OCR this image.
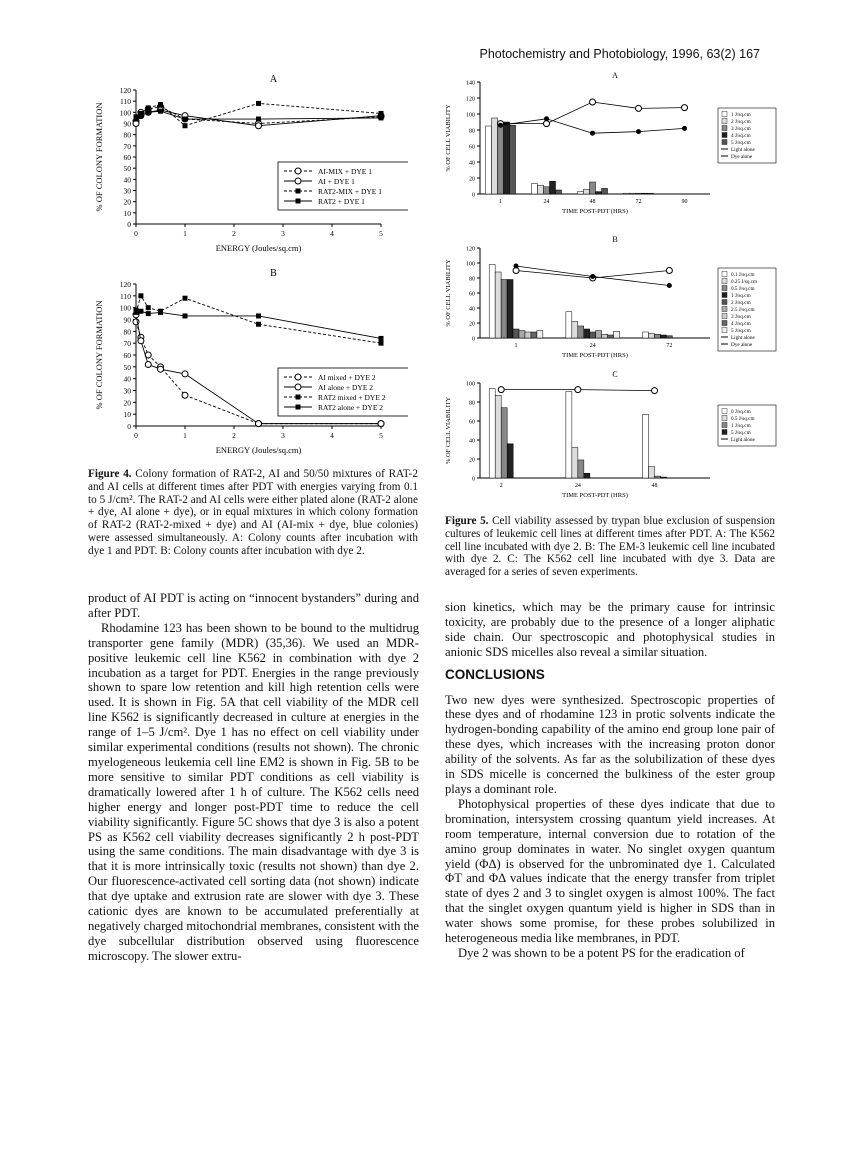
Photochemistry and Photobiology, 1996, 63(2) 167
A
0
10
20
30
40
50
60
70
80
90
100
110
120
0	1	2	3	4	5
ENERGY (Joules/sq.cm)
% OF COLONY FORMATION	AI-MIX + DYE 1
AI + DYE 1
RAT2-MIX + DYE 1
RAT2 + DYE 1
B
0
10
20
30
40
50
60
70
80
90
100
110
120
0	1	2	3	4	5
ENERGY (Joules/sq.cm)
% OF COLONY FORMATION	AI mixed + DYE 2
AI alone + DYE 2
RAT2 mixed + DYE 2
RAT2 alone + DYE 2
Figure 4. Colony formation of RAT-2, AI and 50/50 mixtures of RAT-2 and AI cells at different times after PDT with energies varying from 0.1 to 5 J/cm². The RAT-2 and AI cells were either plated alone (RAT-2 alone + dye, AI alone + dye), or in equal mixtures in which colony formation of RAT-2 (RAT-2-mixed + dye) and AI (AI-mix + dye, blue colonies) were assessed simultaneously. A: Colony counts after incubation with dye 1 and PDT. B: Colony counts after incubation with dye 2.
A
0
20
40
60
80
100
120
140
TIME POST-PDT (HRS)
% OF CELL VIABILITY
1	24	48	72	90
1 J/sq.cm
2 J/sq.cm
3 J/sq.cm
4 J/sq.cm
5 J/sq.cm
Light alone
Dye alone
B
0
20
40
60
80
100
120
TIME POST-PDT (HRS)
% OF CELL VIABILITY
1	24	72
0.1 J/sq.cm
0.25 J/sq.cm
0.5 J/sq.cm
1 J/sq.cm
2 J/sq.cm
2.5 J/sq.cm
3 J/sq.cm
4 J/sq.cm
5 J/sq.cm
Light alone
Dye alone
C
0
20
40
60
80
100
TIME POST-PDT (HRS)
% OF CELL VIABILITY
2	24	48
0 J/sq.cm
0.5 J/sq.cm
1 J/sq.cm
5 J/sq.cm
Light alone
Figure 5. Cell viability assessed by trypan blue exclusion of suspension cultures of leukemic cell lines at different times after PDT. A: The K562 cell line incubated with dye 2. B: The EM-3 leukemic cell line incubated with dye 2. C: The K562 cell line incubated with dye 3. Data are averaged for a series of seven experiments.

product of AI PDT is acting on “innocent bystanders” during and after PDT.

Rhodamine 123 has been shown to be bound to the multidrug transporter gene family (MDR) (35,36). We used an MDR-positive leukemic cell line K562 in combination with dye 2 incubation as a target for PDT. Energies in the range previously shown to spare low retention and kill high retention cells were used. It is shown in Fig. 5A that cell viability of the MDR cell line K562 is significantly decreased in culture at energies in the range of 1–5 J/cm². Dye 1 has no effect on cell viability under similar experimental conditions (results not shown). The chronic myelogeneous leukemia cell line EM2 is shown in Fig. 5B to be more sensitive to similar PDT conditions as cell viability is dramatically lowered after 1 h of culture. The K562 cells need higher energy and longer post-PDT time to reduce the cell viability significantly. Figure 5C shows that dye 3 is also a potent PS as K562 cell viability decreases significantly 2 h post-PDT using the same conditions. The main disadvantage with dye 3 is that it is more intrinsically toxic (results not shown) than dye 2. Our fluorescence-activated cell sorting data (not shown) indicate that dye uptake and extrusion rate are slower with dye 3. These cationic dyes are known to be accumulated preferentially at negatively charged mitochondrial membranes, consistent with the dye subcellular distribution observed using fluorescence microscopy. The slower extru-

sion kinetics, which may be the primary cause for intrinsic toxicity, are probably due to the presence of a longer aliphatic side chain. Our spectroscopic and photophysical studies in anionic SDS micelles also reveal a similar situation.

CONCLUSIONS

Two new dyes were synthesized. Spectroscopic properties of these dyes and of rhodamine 123 in protic solvents indicate the hydrogen-bonding capability of the amino end group lone pair of these dyes, which increases with the increasing proton donor ability of the solvents. As far as the solubilization of these dyes in SDS micelle is concerned the bulkiness of the ester group plays a dominant role.

Photophysical properties of these dyes indicate that due to bromination, intersystem crossing quantum yield increases. At room temperature, internal conversion due to rotation of the amino group dominates in water. No singlet oxygen quantum yield (ΦΔ) is observed for the unbrominated dye 1. Calculated ΦT and ΦΔ values indicate that the energy transfer from triplet state of dyes 2 and 3 to singlet oxygen is almost 100%. The fact that the singlet oxygen quantum yield is higher in SDS than in water shows some promise, for these probes solubilized in heterogeneous media like membranes, in PDT.

Dye 2 was shown to be a potent PS for the eradication of
